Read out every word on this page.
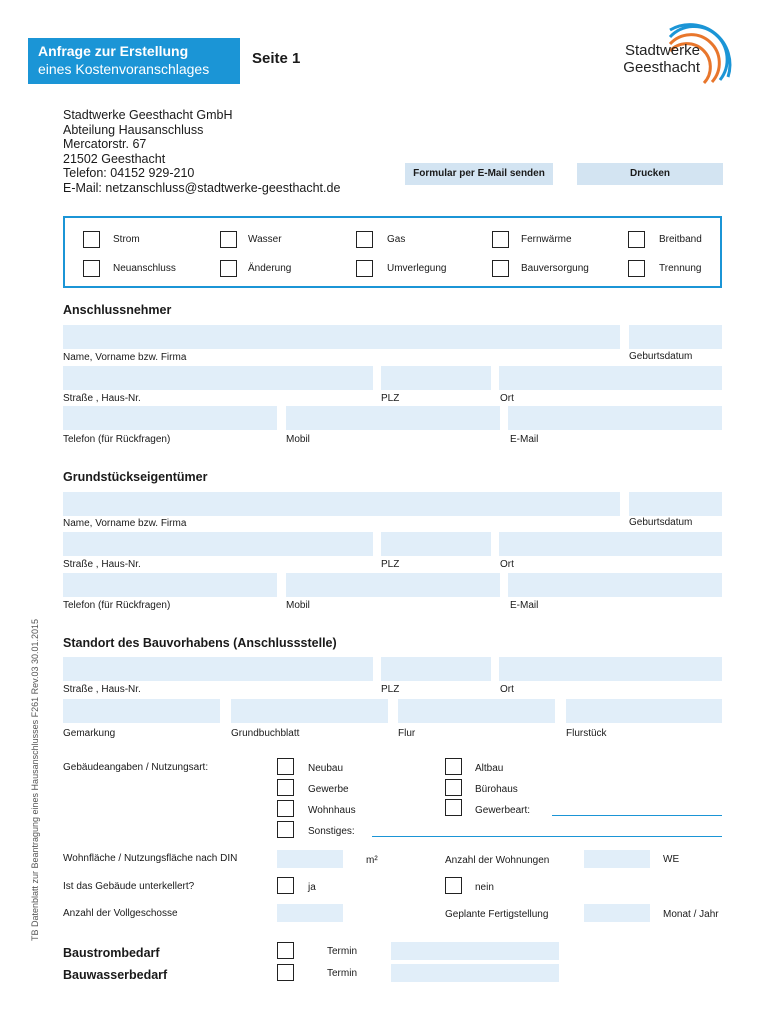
Anfrage zur Erstellung
eines Kostenvoranschlages
Seite 1	Stadtwerke
Geesthacht
Stadtwerke Geesthacht GmbH
Abteilung Hausanschluss
Mercatorstr. 67
21502 Geesthacht
Telefon: 04152 929-210
E-Mail: netzanschluss@stadtwerke-geesthacht.de
Formular per E-Mail senden	Drucken
Strom	Wasser	Gas	Fernwärme	Breitband
Neuanschluss	Änderung	Umverlegung	Bauversorgung	Trennung
Anschlussnehmer
Name, Vorname bzw. Firma	Geburtsdatum
Straße , Haus-Nr.	PLZ	Ort
Telefon (für Rückfragen)	Mobil	E-Mail
Grundstückseigentümer
Name, Vorname bzw. Firma	Geburtsdatum
Straße , Haus-Nr.	PLZ	Ort
Telefon (für Rückfragen)	Mobil	E-Mail
Standort des Bauvorhabens (Anschlussstelle)
Straße , Haus-Nr.	PLZ	Ort
Gemarkung	Grundbuchblatt	Flur	Flurstück
Gebäudeangaben / Nutzungsart:	Neubau	Altbau
Gewerbe	Bürohaus
Wohnhaus	Gewerbeart:
Sonstiges:
Wohnfläche / Nutzungsfläche nach DIN	m²	Anzahl der Wohnungen	WE
Ist das Gebäude unterkellert?	ja	nein
Anzahl der Vollgeschosse	Geplante Fertigstellung	Monat / Jahr
Baustrombedarf	Termin
Bauwasserbedarf	Termin
TB Datenblatt zur Beantragung eines Hausanschlusses F261 Rev.03 30.01.2015
